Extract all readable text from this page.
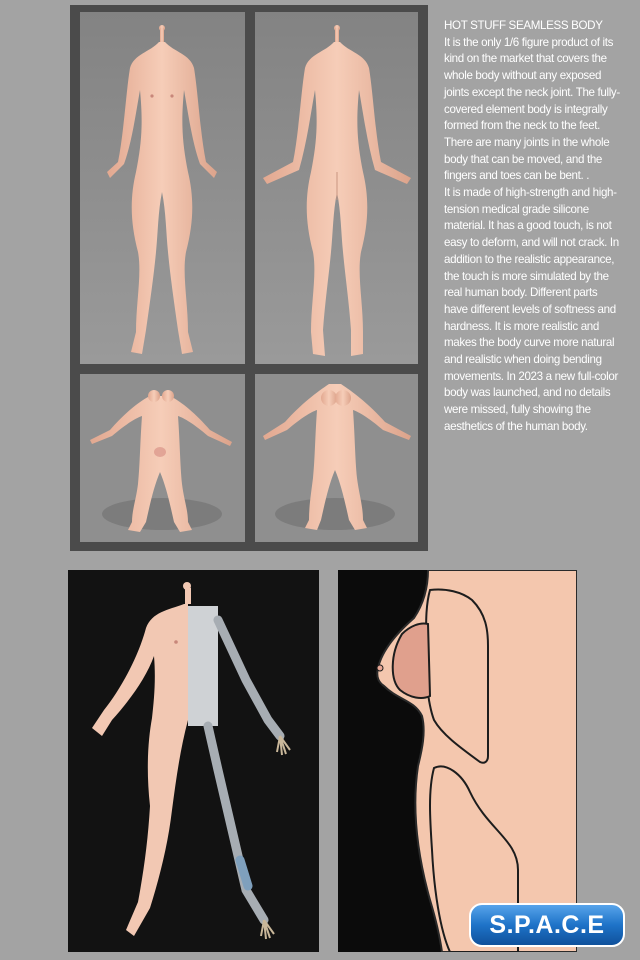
HOT STUFF SEAMLESS BODY
It is the only 1/6 figure product of its kind on the market that covers the whole body without any exposed joints except the neck joint. The fully-covered element body is integrally formed from the neck to the feet. There are many joints in the whole body that can be moved, and the fingers and toes can be bent. .
It is made of high-strength and high-tension medical grade silicone material. It has a good touch, is not easy to deform, and will not crack. In addition to the realistic appearance, the touch is more simulated by the real human body. Different parts have different levels of softness and hardness. It is more realistic and makes the body curve more natural and realistic when doing bending movements. In 2023 a new full-color body was launched, and no details were missed, fully showing the aesthetics of the human body.
S.P.A.C.E
